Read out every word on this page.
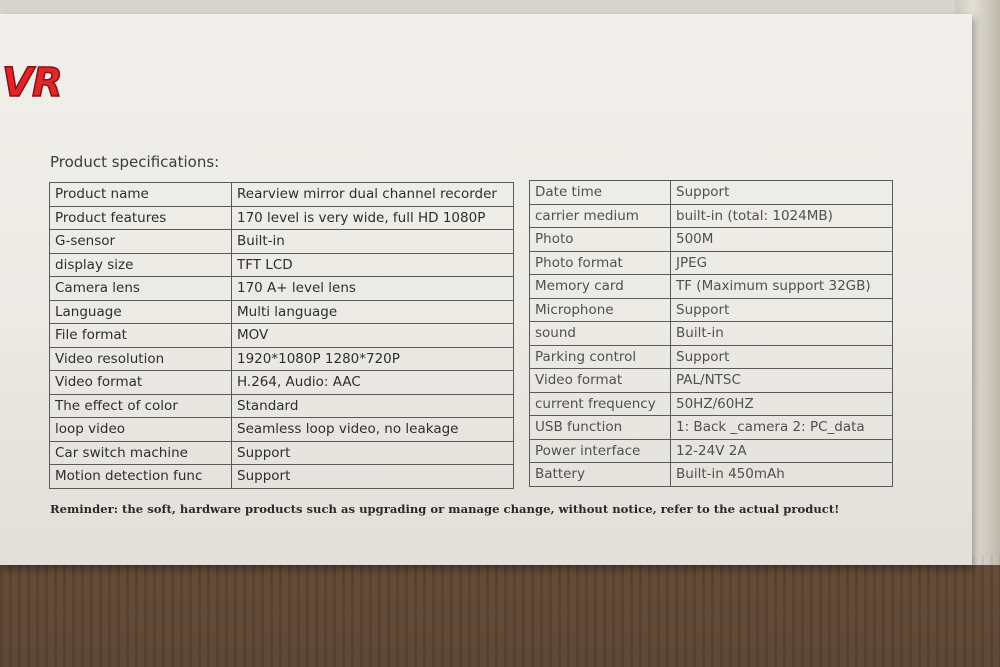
VR
Product specifications:
Product name	Rearview mirror dual channel recorder
Product features	170 level is very wide, full HD 1080P
G-sensor	Built-in
display size	TFT LCD
Camera lens	170 A+ level lens
Language	Multi language
File format	MOV
Video resolution	1920*1080P 1280*720P
Video format	H.264, Audio: AAC
The effect of color	Standard
loop video	Seamless loop video, no leakage
Car switch machine	Support
Motion detection func	Support
Date time	Support
carrier medium	built-in (total: 1024MB)
Photo	500M
Photo format	JPEG
Memory card	TF (Maximum support 32GB)
Microphone	Support
sound	Built-in
Parking control	Support
Video format	PAL/NTSC
current frequency	50HZ/60HZ
USB function	1: Back _camera 2: PC_data
Power interface	12-24V 2A
Battery	Built-in 450mAh
Reminder: the soft, hardware products such as upgrading or manage change, without notice, refer to the actual product!
